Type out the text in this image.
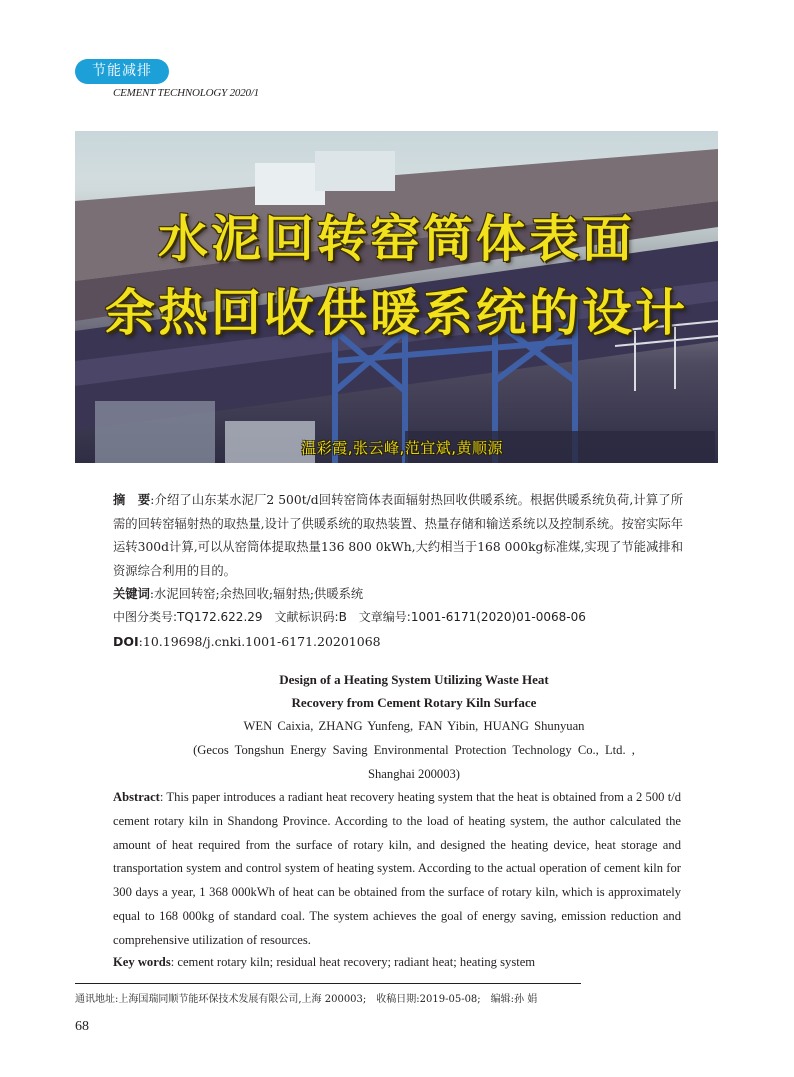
节能减排
CEMENT TECHNOLOGY 2020/1
水泥回转窑筒体表面
余热回收供暖系统的设计
温彩霞,张云峰,范宜斌,黄顺源

摘　要:介绍了山东某水泥厂2 500t/d回转窑筒体表面辐射热回收供暖系统。根据供暖系统负荷,计算了所需的回转窑辐射热的取热量,设计了供暖系统的取热装置、热量存储和输送系统以及控制系统。按窑实际年运转300d计算,可以从窑筒体提取热量136 800 0kWh,大约相当于168 000kg标准煤,实现了节能减排和资源综合利用的目的。

关键词:水泥回转窑;余热回收;辐射热;供暖系统
中图分类号:TQ172.622.29　文献标识码:B　文章编号:1001-6171(2020)01-0068-06
DOI:10.19698/j.cnki.1001-6171.20201068
Design of a Heating System Utilizing Waste Heat
Recovery from Cement Rotary Kiln Surface
WEN Caixia, ZHANG Yunfeng, FAN Yibin, HUANG Shunyuan
(Gecos Tongshun Energy Saving Environmental Protection Technology Co., Ltd. ,
Shanghai 200003)
Abstract: This paper introduces a radiant heat recovery heating system that the heat is obtained from a 2 500 t/d cement rotary kiln in Shandong Province. According to the load of heating system, the author calculated the amount of heat required from the surface of rotary kiln, and designed the heating device, heat storage and transportation system and control system of heating system. According to the actual operation of cement kiln for 300 days a year, 1 368 000kWh of heat can be obtained from the surface of rotary kiln, which is approximately equal to 168 000kg of standard coal. The system achieves the goal of energy saving, emission reduction and comprehensive utilization of resources.
Key words: cement rotary kiln; residual heat recovery; radiant heat; heating system
通讯地址:上海国瑞同顺节能环保技术发展有限公司,上海 200003;　收稿日期:2019-05-08;　编辑:孙 娟
68
